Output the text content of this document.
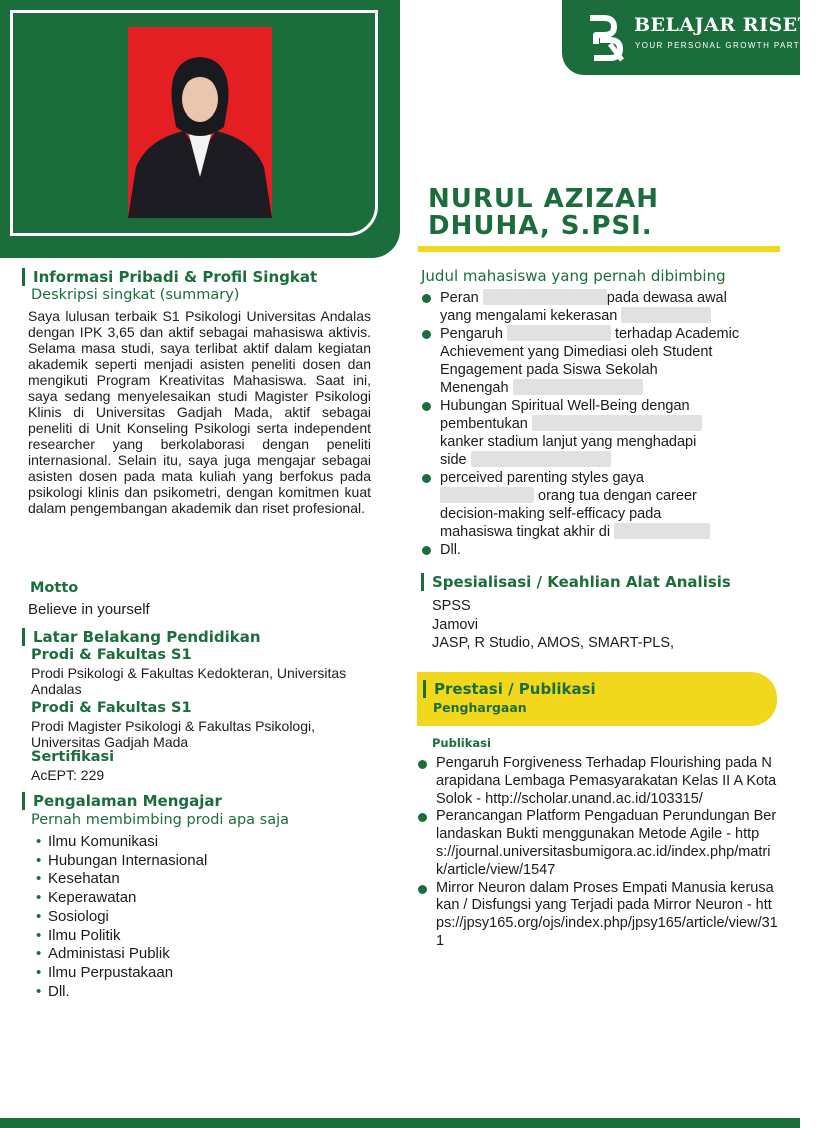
BELAJAR RISET
YOUR PERSONAL GROWTH PARTNER
NURUL AZIZAH
DHUHA, S.PSI.
Informasi Pribadi & Profil Singkat
Deskripsi singkat (summary)
Saya lulusan terbaik S1 Psikologi Universitas Andalas dengan IPK 3,65 dan aktif sebagai mahasiswa aktivis. Selama masa studi, saya terlibat aktif dalam kegiatan akademik seperti menjadi asisten peneliti dosen dan mengikuti Program Kreativitas Mahasiswa. Saat ini, saya sedang menyelesaikan studi Magister Psikologi Klinis di Universitas Gadjah Mada, aktif sebagai peneliti di Unit Konseling Psikologi serta independent researcher yang berkolaborasi dengan peneliti internasional. Selain itu, saya juga mengajar sebagai asisten dosen pada mata kuliah yang berfokus pada psikologi klinis dan psikometri, dengan komitmen kuat dalam pengembangan akademik dan riset profesional.
Motto
Believe in yourself
Latar Belakang Pendidikan
Prodi & Fakultas S1
Prodi Psikologi & Fakultas Kedokteran, Universitas Andalas
Prodi & Fakultas S1
Prodi Magister Psikologi & Fakultas Psikologi, Universitas Gadjah Mada
Sertifikasi
AcEPT: 229
Pengalaman Mengajar
Pernah membimbing prodi apa saja
• Ilmu Komunikasi
• Hubungan Internasional
• Kesehatan
• Keperawatan
• Sosiologi
• Ilmu Politik
• Administasi Publik
• Ilmu Perpustakaan
• Dll.
Judul mahasiswa yang pernah dibimbing
Peran	pada dewasa awal
yang mengalami kekerasan
Pengaruh	terhadap Academic
Achievement yang Dimediasi oleh Student
Engagement pada Siswa Sekolah
Menengah
Hubungan Spiritual Well-Being dengan
pembentukan
kanker stadium lanjut yang menghadapi
side
perceived parenting styles gaya
orang tua dengan career
decision-making self-efficacy pada
mahasiswa tingkat akhir di
Dll.
Spesialisasi / Keahlian Alat Analisis
SPSS
Jamovi
JASP, R Studio, AMOS, SMART-PLS,
Prestasi / Publikasi
Penghargaan
Publikasi
Pengaruh Forgiveness Terhadap Flourishing pada Narapidana Lembaga Pemasyarakatan Kelas II A Kota Solok - http://scholar.unand.ac.id/103315/
Perancangan Platform Pengaduan Perundungan Berlandaskan Bukti menggunakan Metode Agile - https://journal.universitasbumigora.ac.id/index.php/matrik/article/view/1547
Mirror Neuron dalam Proses Empati Manusia kerusakan / Disfungsi yang Terjadi pada Mirror Neuron - https://jpsy165.org/ojs/index.php/jpsy165/article/view/311
